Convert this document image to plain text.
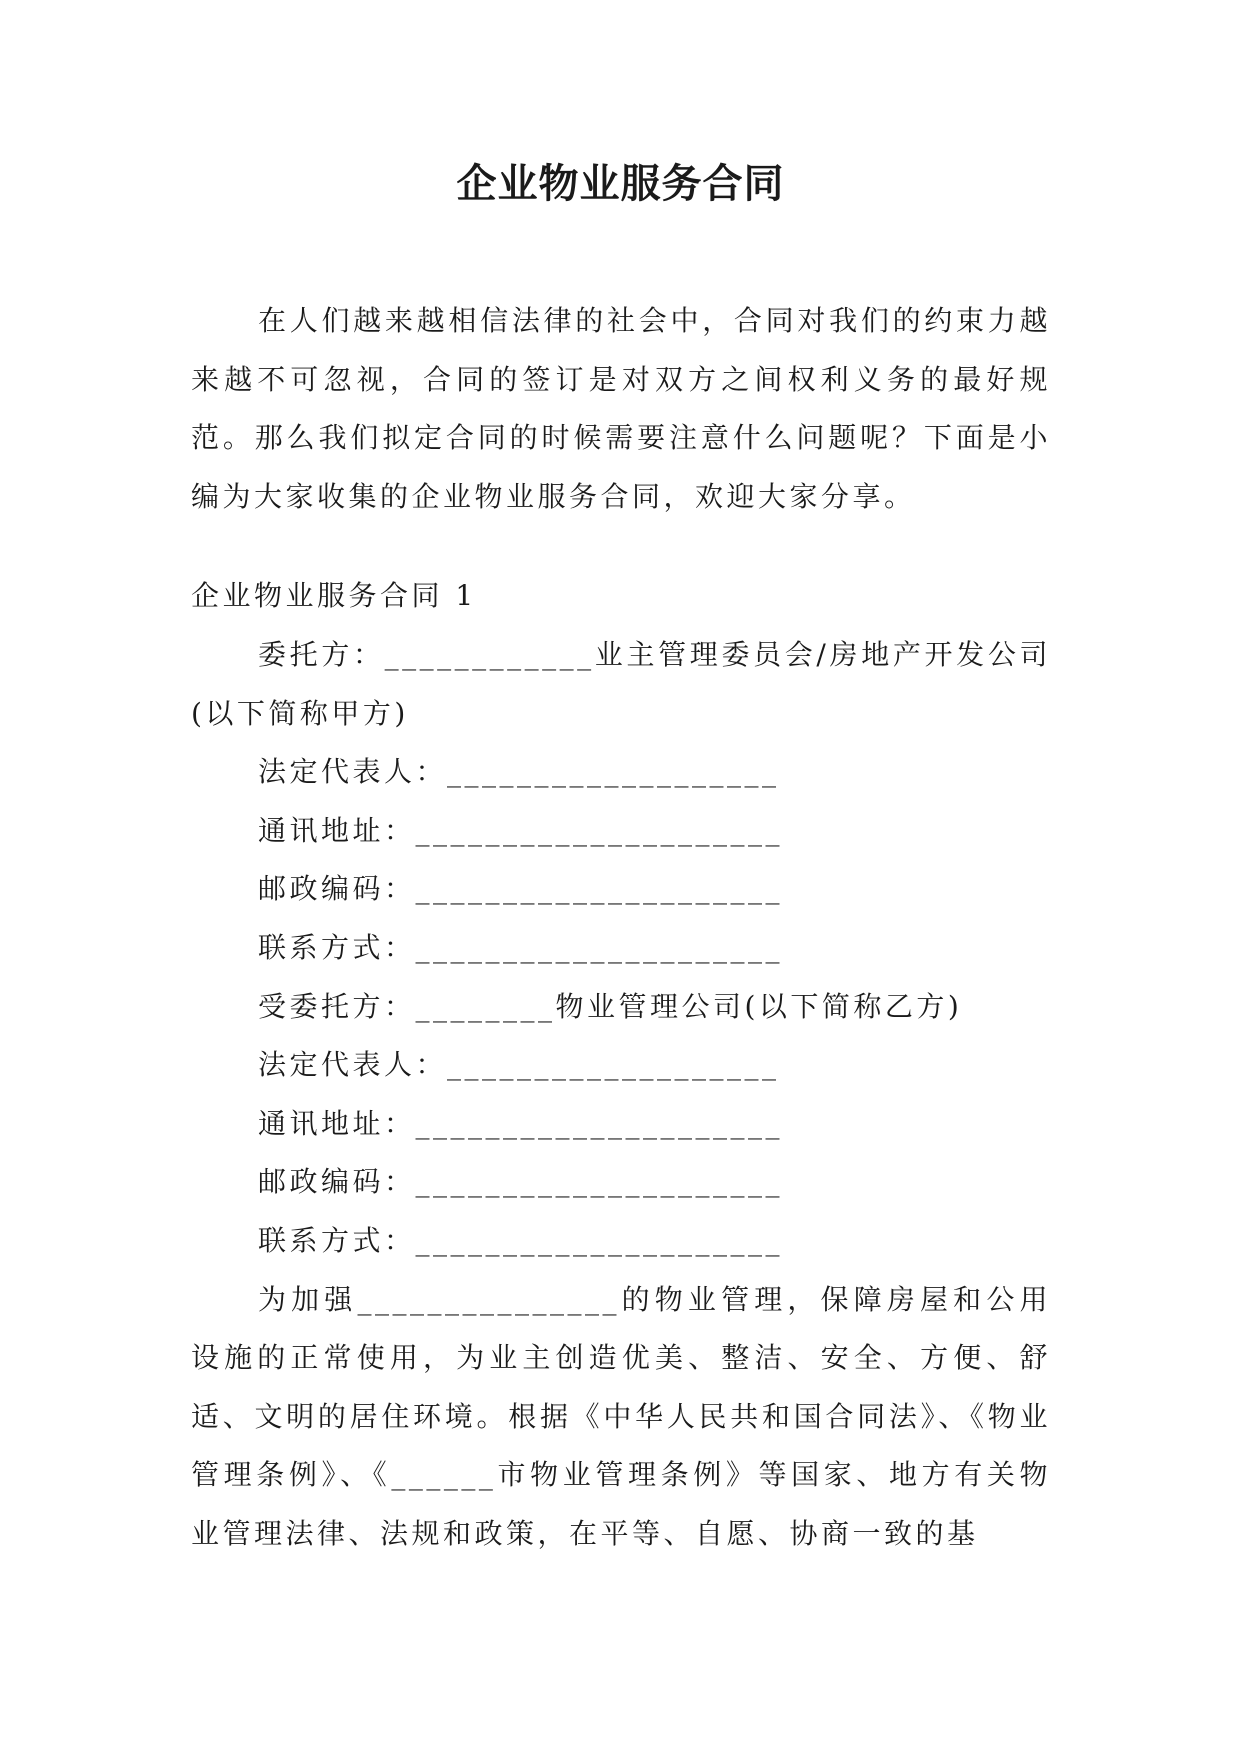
企业物业服务合同

在人们越来越相信法律的社会中，合同对我们的约束力越来越不可忽视，合同的签订是对双方之间权利义务的最好规范。那么我们拟定合同的时候需要注意什么问题呢？下面是小编为大家收集的企业物业服务合同，欢迎大家分享。

企业物业服务合同 1

委托方：____________业主管理委员会/房地产开发公司(以下简称甲方)

法定代表人：___________________

通讯地址：_____________________

邮政编码：_____________________

联系方式：_____________________

受委托方：________物业管理公司(以下简称乙方)

法定代表人：___________________

通讯地址：_____________________

邮政编码：_____________________

联系方式：_____________________

为加强_______________的物业管理，保障房屋和公用设施的正常使用，为业主创造优美、整洁、安全、方便、舒适、文明的居住环境。根据《中华人民共和国合同法》、《物业管理条例》、《______市物业管理条例》等国家、地方有关物业管理法律、法规和政策，在平等、自愿、协商一致的基
